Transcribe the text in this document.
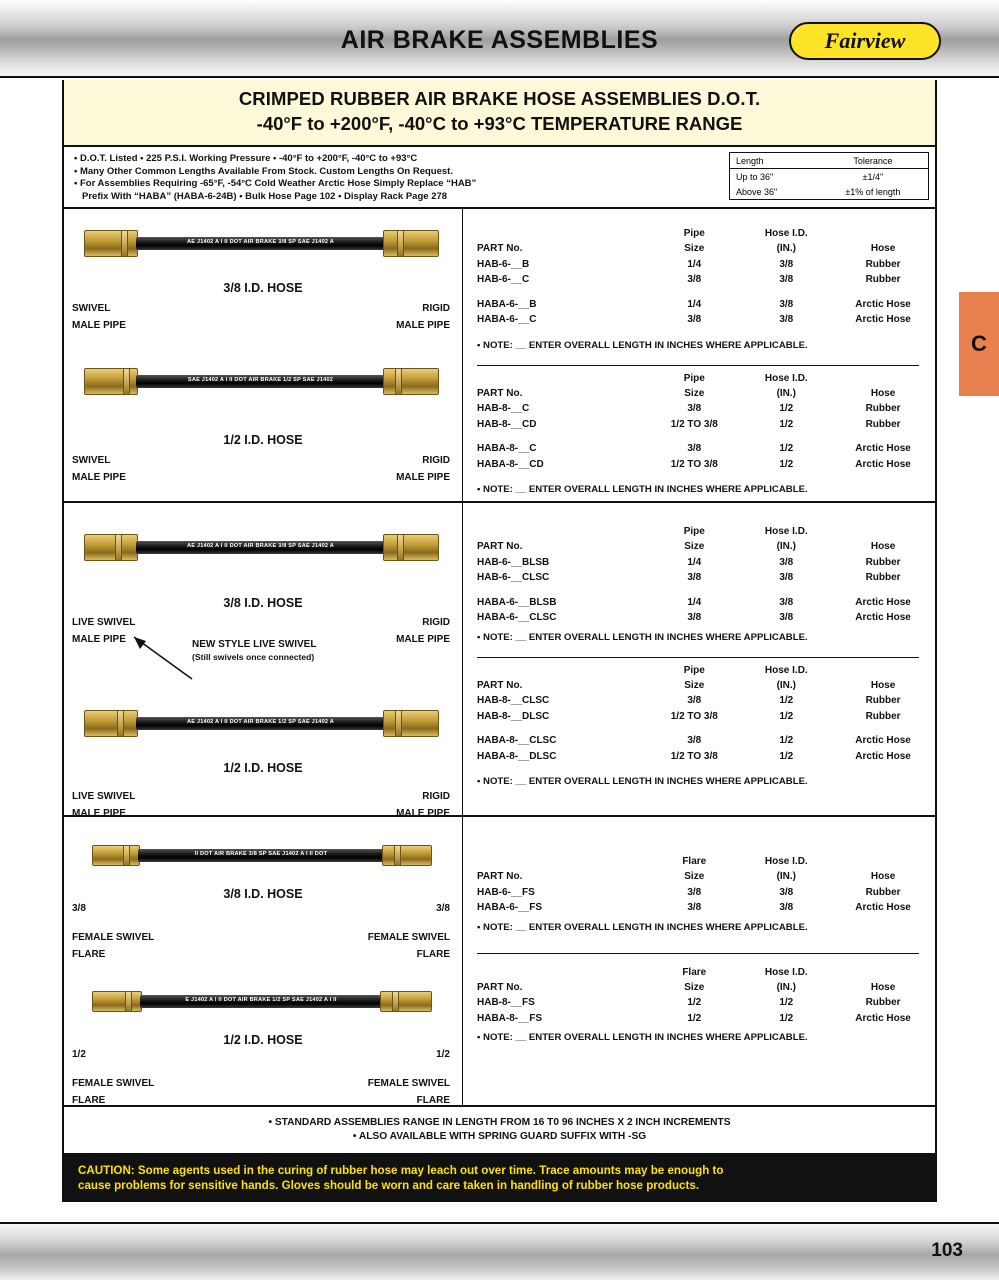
AIR BRAKE ASSEMBLIES	Fairview
C
CRIMPED RUBBER AIR BRAKE HOSE ASSEMBLIES D.O.T.
-40°F to +200°F, -40°C to +93°C TEMPERATURE RANGE
• D.O.T. Listed • 225 P.S.I. Working Pressure • -40°F to +200°F, -40°C to +93°C
• Many Other Common Lengths Available From Stock. Custom Lengths On Request.
• For Assemblies Requiring -65°F, -54°C Cold Weather Arctic Hose Simply Replace “HAB”
Prefix With “HABA” (HABA-6-24B) • Bulk Hose Page 102 • Display Rack Page 278
Length	Tolerance
Up to 36"	±1/4"
Above 36"	±1% of length
AE J1402 A I II DOT AIR BRAKE 3/8 SP SAE J1402 A
3/8 I.D. HOSE
SWIVEL	RIGID
MALE PIPE	MALE PIPE
SAE J1402 A I II DOT AIR BRAKE 1/2 SP SAE J1402
1/2 I.D. HOSE
SWIVEL	RIGID
MALE PIPE	MALE PIPE
	Pipe	Hose I.D.	
PART No.	Size	(IN.)	Hose
HAB-6-__B	1/4	3/8	Rubber
HAB-6-__C	3/8	3/8	Rubber

HABA-6-__B	1/4	3/8	Arctic Hose
HABA-6-__C	3/8	3/8	Arctic Hose
• NOTE: __ ENTER OVERALL LENGTH IN INCHES WHERE APPLICABLE.
	Pipe	Hose I.D.	
PART No.	Size	(IN.)	Hose
HAB-8-__C	3/8	1/2	Rubber
HAB-8-__CD	1/2 TO 3/8	1/2	Rubber

HABA-8-__C	3/8	1/2	Arctic Hose
HABA-8-__CD	1/2 TO 3/8	1/2	Arctic Hose
• NOTE: __ ENTER OVERALL LENGTH IN INCHES WHERE APPLICABLE.
AE J1402 A I II DOT AIR BRAKE 3/8 SP SAE J1402 A
3/8 I.D. HOSE
LIVE SWIVEL	RIGID
MALE PIPE	MALE PIPE
NEW STYLE LIVE SWIVEL
(Still swivels once connected)
AE J1402 A I II DOT AIR BRAKE 1/2 SP SAE J1402 A
1/2 I.D. HOSE
LIVE SWIVEL	RIGID
MALE PIPE	MALE PIPE
	Pipe	Hose I.D.	
PART No.	Size	(IN.)	Hose
HAB-6-__BLSB	1/4	3/8	Rubber
HAB-6-__CLSC	3/8	3/8	Rubber

HABA-6-__BLSB	1/4	3/8	Arctic Hose
HABA-6-__CLSC	3/8	3/8	Arctic Hose
• NOTE: __ ENTER OVERALL LENGTH IN INCHES WHERE APPLICABLE.
	Pipe	Hose I.D.	
PART No.	Size	(IN.)	Hose
HAB-8-__CLSC	3/8	1/2	Rubber
HAB-8-__DLSC	1/2 TO 3/8	1/2	Rubber

HABA-8-__CLSC	3/8	1/2	Arctic Hose
HABA-8-__DLSC	1/2 TO 3/8	1/2	Arctic Hose
• NOTE: __ ENTER OVERALL LENGTH IN INCHES WHERE APPLICABLE.
II DOT AIR BRAKE 3/8 SP SAE J1402 A I II DOT
3/8 I.D. HOSE
3/8	3/8
FEMALE SWIVEL	FEMALE SWIVEL
FLARE	FLARE
E J1402 A I II DOT AIR BRAKE 1/2 SP SAE J1402 A I II
1/2 I.D. HOSE
1/2	1/2
FEMALE SWIVEL	FEMALE SWIVEL
FLARE	FLARE
	Flare	Hose I.D.	
PART No.	Size	(IN.)	Hose
HAB-6-__FS	3/8	3/8	Rubber
HABA-6-__FS	3/8	3/8	Arctic Hose
• NOTE: __ ENTER OVERALL LENGTH IN INCHES WHERE APPLICABLE.
	Flare	Hose I.D.	
PART No.	Size	(IN.)	Hose
HAB-8-__FS	1/2	1/2	Rubber
HABA-8-__FS	1/2	1/2	Arctic Hose
• NOTE: __ ENTER OVERALL LENGTH IN INCHES WHERE APPLICABLE.
• STANDARD ASSEMBLIES RANGE IN LENGTH FROM 16 T0 96 INCHES X 2 INCH INCREMENTS
• ALSO AVAILABLE WITH SPRING GUARD SUFFIX WITH -SG
CAUTION: Some agents used in the curing of rubber hose may leach out over time. Trace amounts may be enough to
cause problems for sensitive hands. Gloves should be worn and care taken in handling of rubber hose products.
103
